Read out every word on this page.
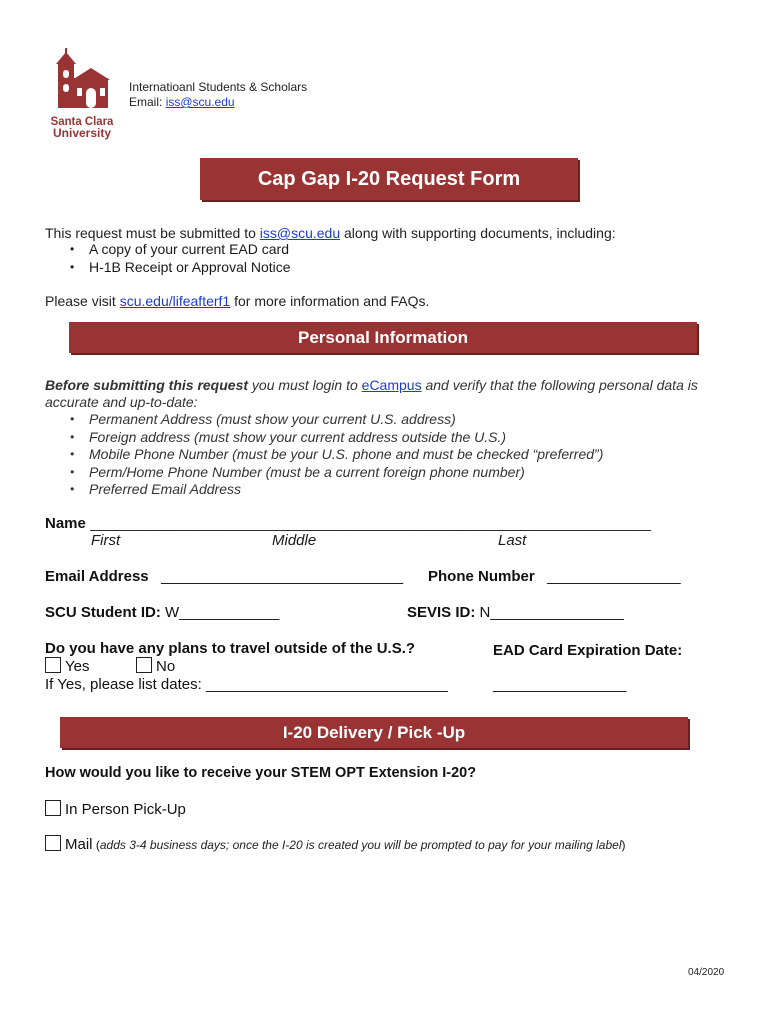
Santa Clara
University
Internatioanl Students & Scholars
Email: iss@scu.edu
Cap Gap I-20 Request Form
This request must be submitted to iss@scu.edu along with supporting documents, including:
• A copy of your current EAD card
• H-1B Receipt or Approval Notice
Please visit scu.edu/lifeafterf1 for more information and FAQs.
Personal Information
Before submitting this request you must login to eCampus and verify that the following personal data is accurate and up-to-date:
• Permanent Address (must show your current U.S. address)
• Foreign address (must show your current address outside the U.S.)
• Mobile Phone Number (must be your U.S. phone and must be checked “preferred”)
• Perm/Home Phone Number (must be a current foreign phone number)
• Preferred Email Address
Name ________________________________________________________________________
First	Middle	Last
Email Address _____________________________ Phone Number ________________
SCU Student ID: W____________	SEVIS ID: N________________
Do you have any plans to travel outside of the U.S.?
Yes	No
If Yes, please list dates: _____________________________
EAD Card Expiration Date:
________________
I-20 Delivery / Pick -Up
How would you like to receive your STEM OPT Extension I-20?
In Person Pick-Up
Mail (adds 3-4 business days; once the I-20 is created you will be prompted to pay for your mailing label)
04/2020
